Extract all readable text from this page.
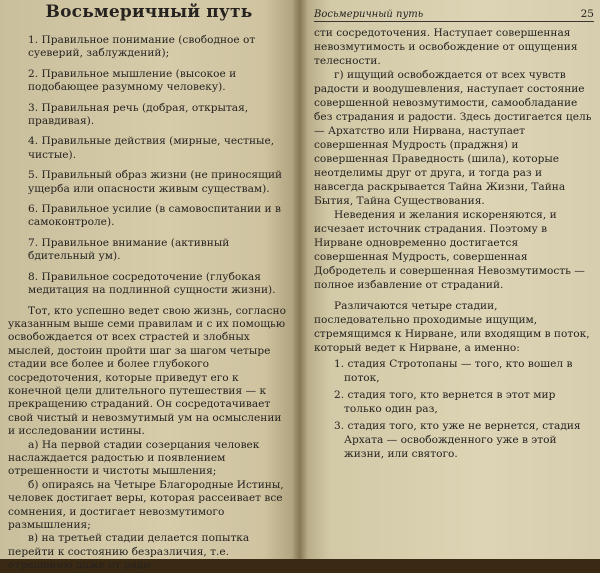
Восьмеричный путь
1. Правильное понимание (свободное от суеверий, заблуждений);
2. Правильное мышление (высокое и подобающее разумному человеку).
3. Правильная речь (добрая, открытая, правдивая).
4. Правильные действия (мирные, честные, чистые).
5. Правильный образ жизни (не приносящий ущерба или опасности живым существам).
6. Правильное усилие (в самовоспитании и в самоконтроле).
7. Правильное внимание (активный бдительный ум).
8. Правильное сосредоточение (глубокая медитация на подлинной сущности жизни).

Тот, кто успешно ведет свою жизнь, согласно указанным выше семи правилам и с их помощью освобождается от всех страстей и злобных мыслей, достоин пройти шаг за шагом четыре стадии все более и более глубокого сосредоточения, которые приведут его к конечной цели длительного путешествия — к прекращению страданий. Он сосредотачивает свой чистый и невозмутимый ум на осмыслении и исследовании истины.

а) На первой стадии созерцания человек наслаждается радостью и появлением отрешенности и чистоты мышления;

б) опираясь на Четыре Благородные Истины, человек достигает веры, которая рассеивает все сомнения, и достигает невозмутимого размышления;

в) на третьей стадии делается попытка перейти к состоянию безразличия, т.е. отрешению даже от радо-

Восьмеричный путь	25

сти сосредоточения. Наступает совершенная невозмутимость и освобождение от ощущения телесности.

г) ищущий освобождается от всех чувств радости и воодушевления, наступает состояние совершенной невозмутимости, самообладание без страдания и радости. Здесь достигается цель — Архатство или Нирвана, наступает совершенная Мудрость (праджня) и совершенная Праведность (шила), которые неотделимы друг от друга, и тогда раз и навсегда раскрывается Тайна Жизни, Тайна Бытия, Тайна Существования.

Неведения и желания искореняются, и исчезает источник страдания. Поэтому в Нирване одновременно достигается совершенная Мудрость, совершенная Добродетель и совершенная Невозмутимость — полное избавление от страданий.

Различаются четыре стадии, последовательно проходимые ищущим, стремящимся к Нирване, или входящим в поток, который ведет к Нирване, а именно:

1. стадия Стротопаны — того, кто вошел в поток,
2. стадия того, кто вернется в этот мир только один раз,
3. стадия того, кто уже не вернется, стадия Архата — освобожденного уже в этой жизни, или святого.
